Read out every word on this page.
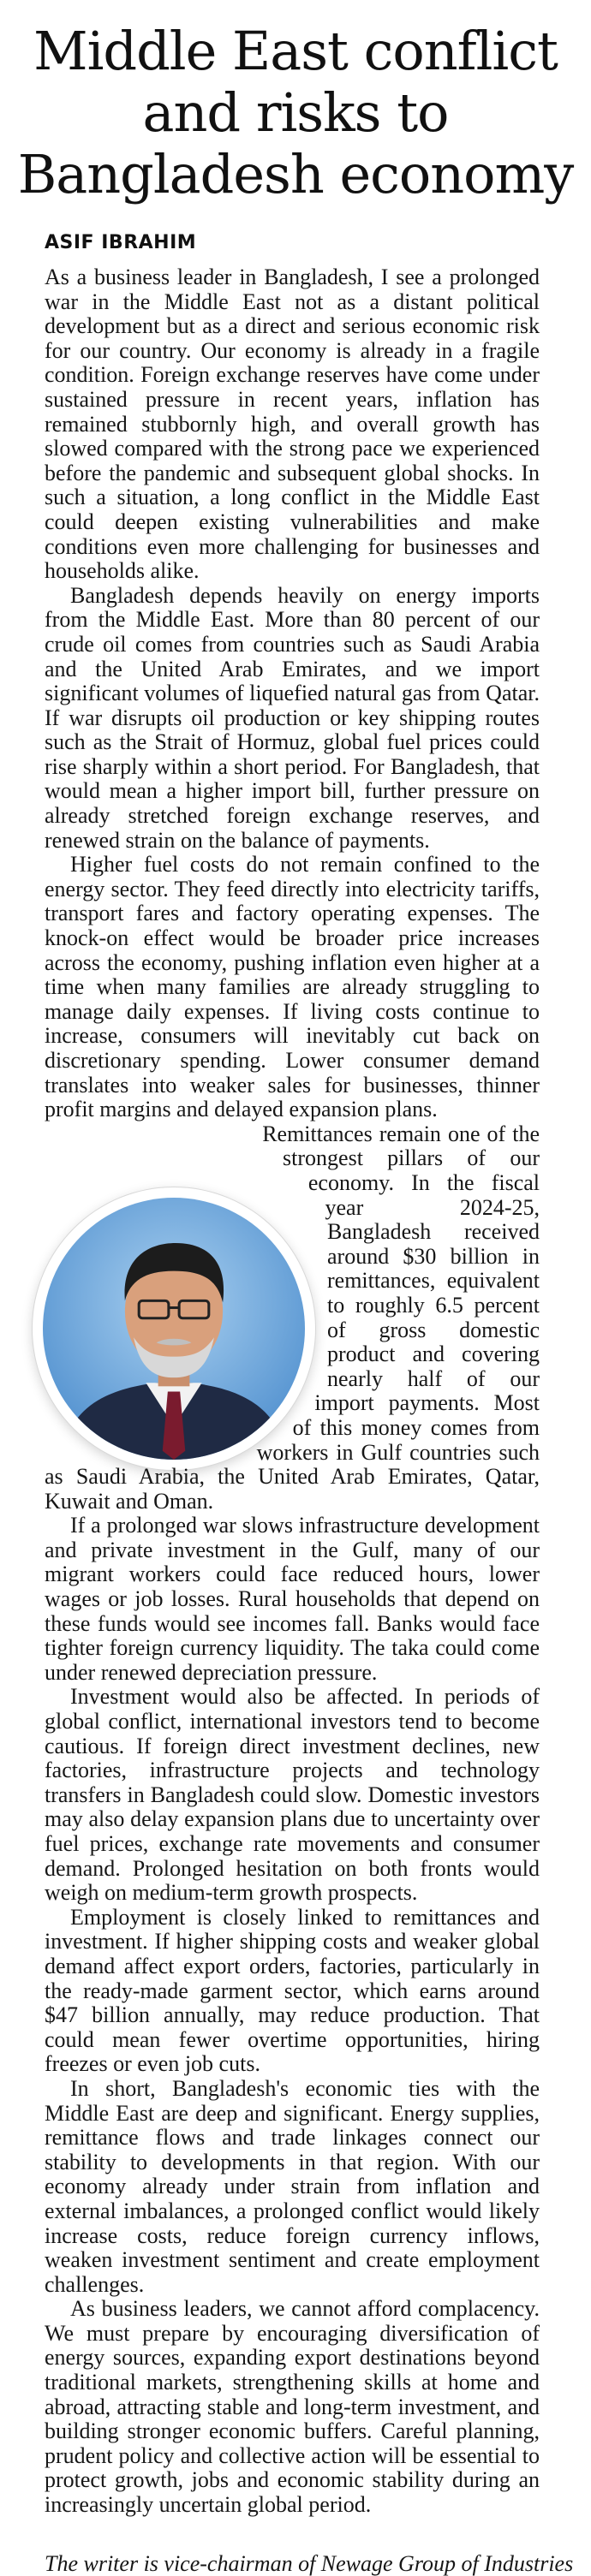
Middle East conflict and risks to Bangladesh economy
ASIF IBRAHIM

As a business leader in Bangladesh, I see a prolonged war in the Middle East not as a distant political development but as a direct and serious economic risk for our country. Our economy is already in a fragile condition. Foreign exchange reserves have come under sustained pressure in recent years, inflation has remained stubbornly high, and overall growth has slowed compared with the strong pace we experienced before the pandemic and subsequent global shocks. In such a situation, a long conflict in the Middle East could deepen existing vulnerabilities and make conditions even more challenging for businesses and households alike.

Bangladesh depends heavily on energy imports from the Middle East. More than 80 percent of our crude oil comes from countries such as Saudi Arabia and the United Arab Emirates, and we import significant volumes of liquefied natural gas from Qatar. If war disrupts oil production or key shipping routes such as the Strait of Hormuz, global fuel prices could rise sharply within a short period. For Bangladesh, that would mean a higher import bill, further pressure on already stretched foreign exchange reserves, and renewed strain on the balance of payments.

Higher fuel costs do not remain confined to the energy sector. They feed directly into electricity tariffs, transport fares and factory operating expenses. The knock-on effect would be broader price increases across the economy, pushing inflation even higher at a time when many families are already struggling to manage daily expenses. If living costs continue to increase, consumers will inevitably cut back on discretionary spending. Lower consumer demand translates into weaker sales for businesses, thinner profit margins and delayed expansion plans.

Remittances remain one of the strongest pillars of our economy. In the fiscal year 2024-25, Bangladesh received around $30 billion in remittances, equivalent to roughly 6.5 percent of gross domestic product and covering nearly half of our import payments. Most of this money comes from workers in Gulf countries such as Saudi Arabia, the United Arab Emirates, Qatar, Kuwait and Oman.

If a prolonged war slows infrastructure development and private investment in the Gulf, many of our migrant workers could face reduced hours, lower wages or job losses. Rural households that depend on these funds would see incomes fall. Banks would face tighter foreign currency liquidity. The taka could come under renewed depreciation pressure.

Investment would also be affected. In periods of global conflict, international investors tend to become cautious. If foreign direct investment declines, new factories, infrastructure projects and technology transfers in Bangladesh could slow. Domestic investors may also delay expansion plans due to uncertainty over fuel prices, exchange rate movements and consumer demand. Prolonged hesitation on both fronts would weigh on medium-term growth prospects.

Employment is closely linked to remittances and investment. If higher shipping costs and weaker global demand affect export orders, factories, particularly in the ready-made garment sector, which earns around $47 billion annually, may reduce production. That could mean fewer overtime opportunities, hiring freezes or even job cuts.

In short, Bangladesh's economic ties with the Middle East are deep and significant. Energy supplies, remittance flows and trade linkages connect our stability to developments in that region. With our economy already under strain from inflation and external imbalances, a prolonged conflict would likely increase costs, reduce foreign currency inflows, weaken investment sentiment and create employment challenges.

As business leaders, we cannot afford complacency. We must prepare by encouraging diversification of energy sources, expanding export destinations beyond traditional markets, strengthening skills at home and abroad, attracting stable and long-term investment, and building stronger economic buffers. Careful planning, prudent policy and collective action will be essential to protect growth, jobs and economic stability during an increasingly uncertain global period.

The writer is vice-chairman of Newage Group of Industries
